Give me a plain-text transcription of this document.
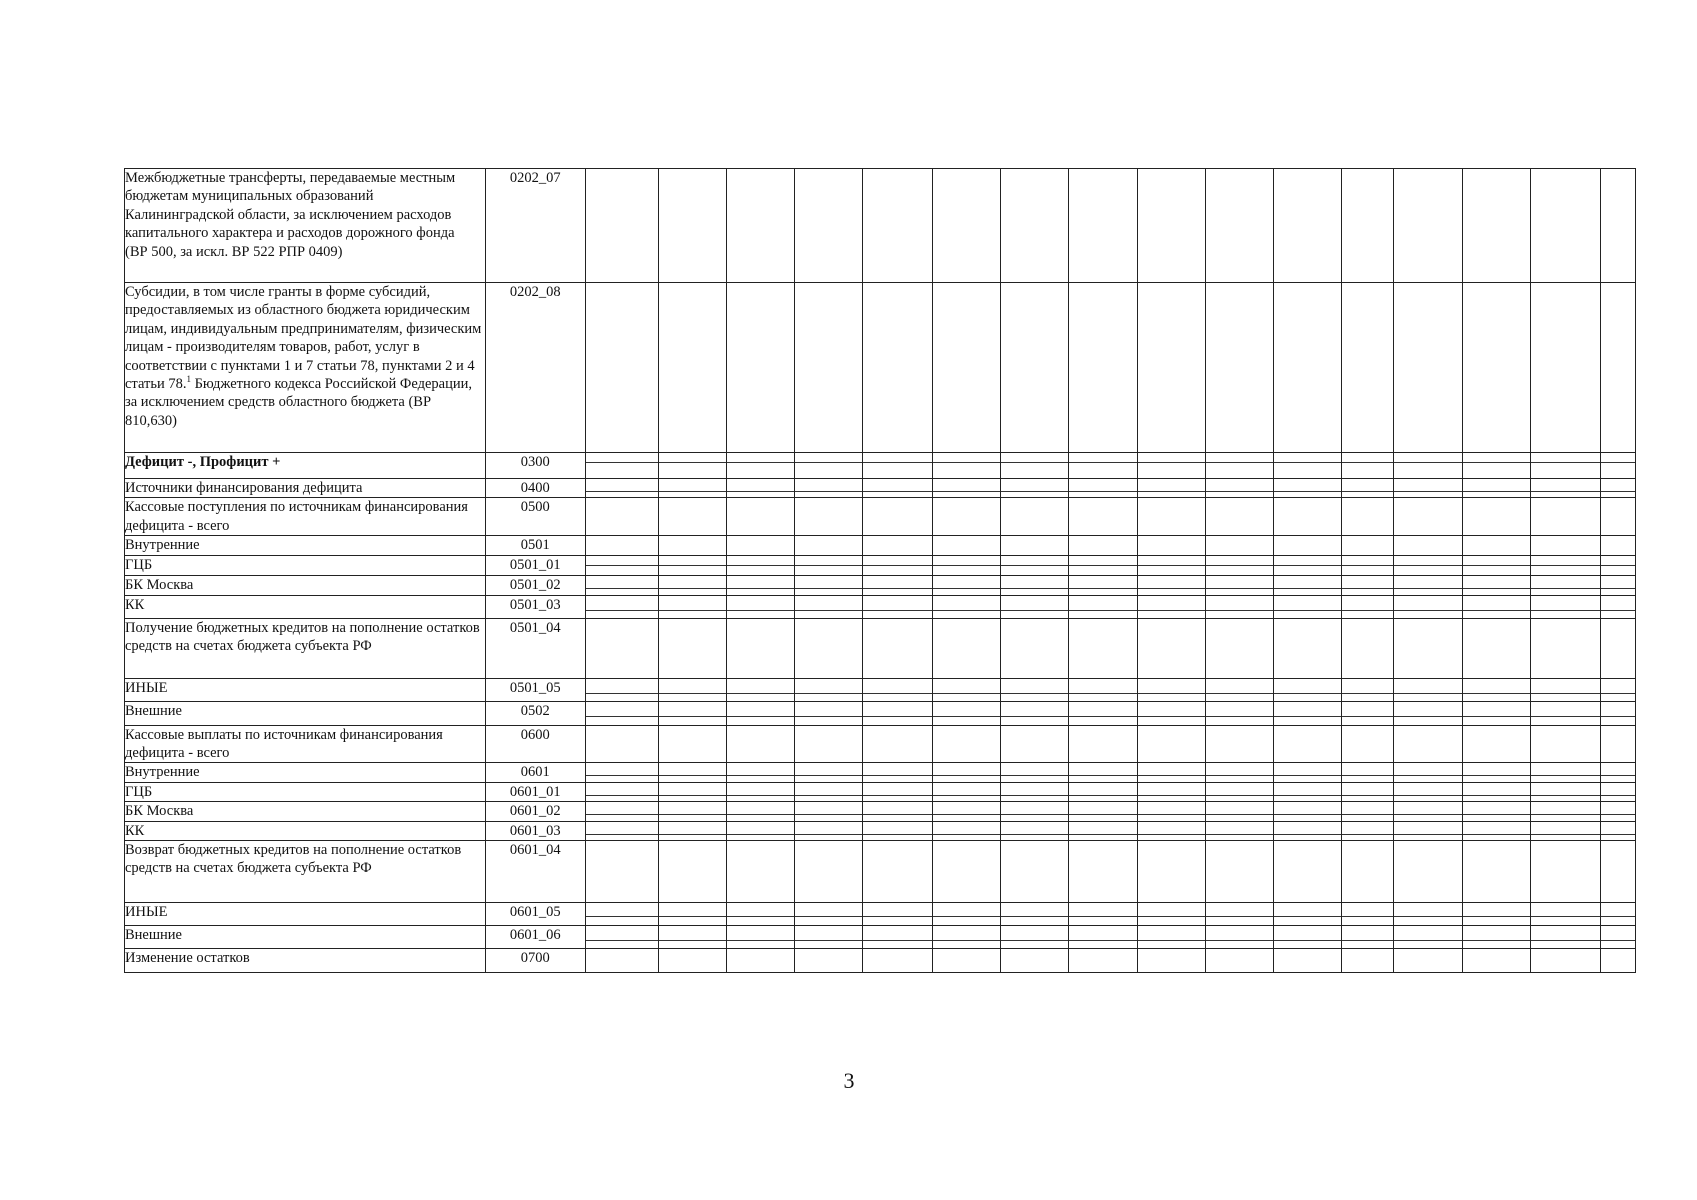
Межбюджетные трансферты, передаваемые местным бюджетам муниципальных образований Калининградской области, за исключением расходов капитального характера и расходов дорожного фонда
(ВР 500, за искл. ВР 522 РПР 0409)	0202_07																
Субсидии, в том числе гранты в форме субсидий, предоставляемых из областного бюджета юридическим лицам, индивидуальным предпринимателям, физическим лицам - производителям товаров, работ, услуг в соответствии с пунктами 1 и 7 статьи 78, пунктами 2 и 4 статьи 78.$^1$ Бюджетного кодекса Российской Федерации, за исключением средств областного бюджета (ВР 810,630)	0202_08																
Дефицит -, Профицит +	0300	

Источники финансирования дефицита	0400	

Кассовые поступления по источникам финансирования дефицита - всего	0500																
Внутренние	0501																
ГЦБ	0501_01	

БК Москва	0501_02	

КК	0501_03	

Получение бюджетных кредитов на пополнение остатков средств на счетах бюджета субъекта РФ	0501_04																
ИНЫЕ	0501_05	

Внешние	0502	

Кассовые выплаты по источникам финансирования дефицита - всего	0600																
Внутренние	0601	

ГЦБ	0601_01	

БК Москва	0601_02	

КК	0601_03	

Возврат бюджетных кредитов на пополнение остатков средств на счетах бюджета субъекта РФ	0601_04																
ИНЫЕ	0601_05	

Внешние	0601_06	

Изменение остатков	0700																
3
